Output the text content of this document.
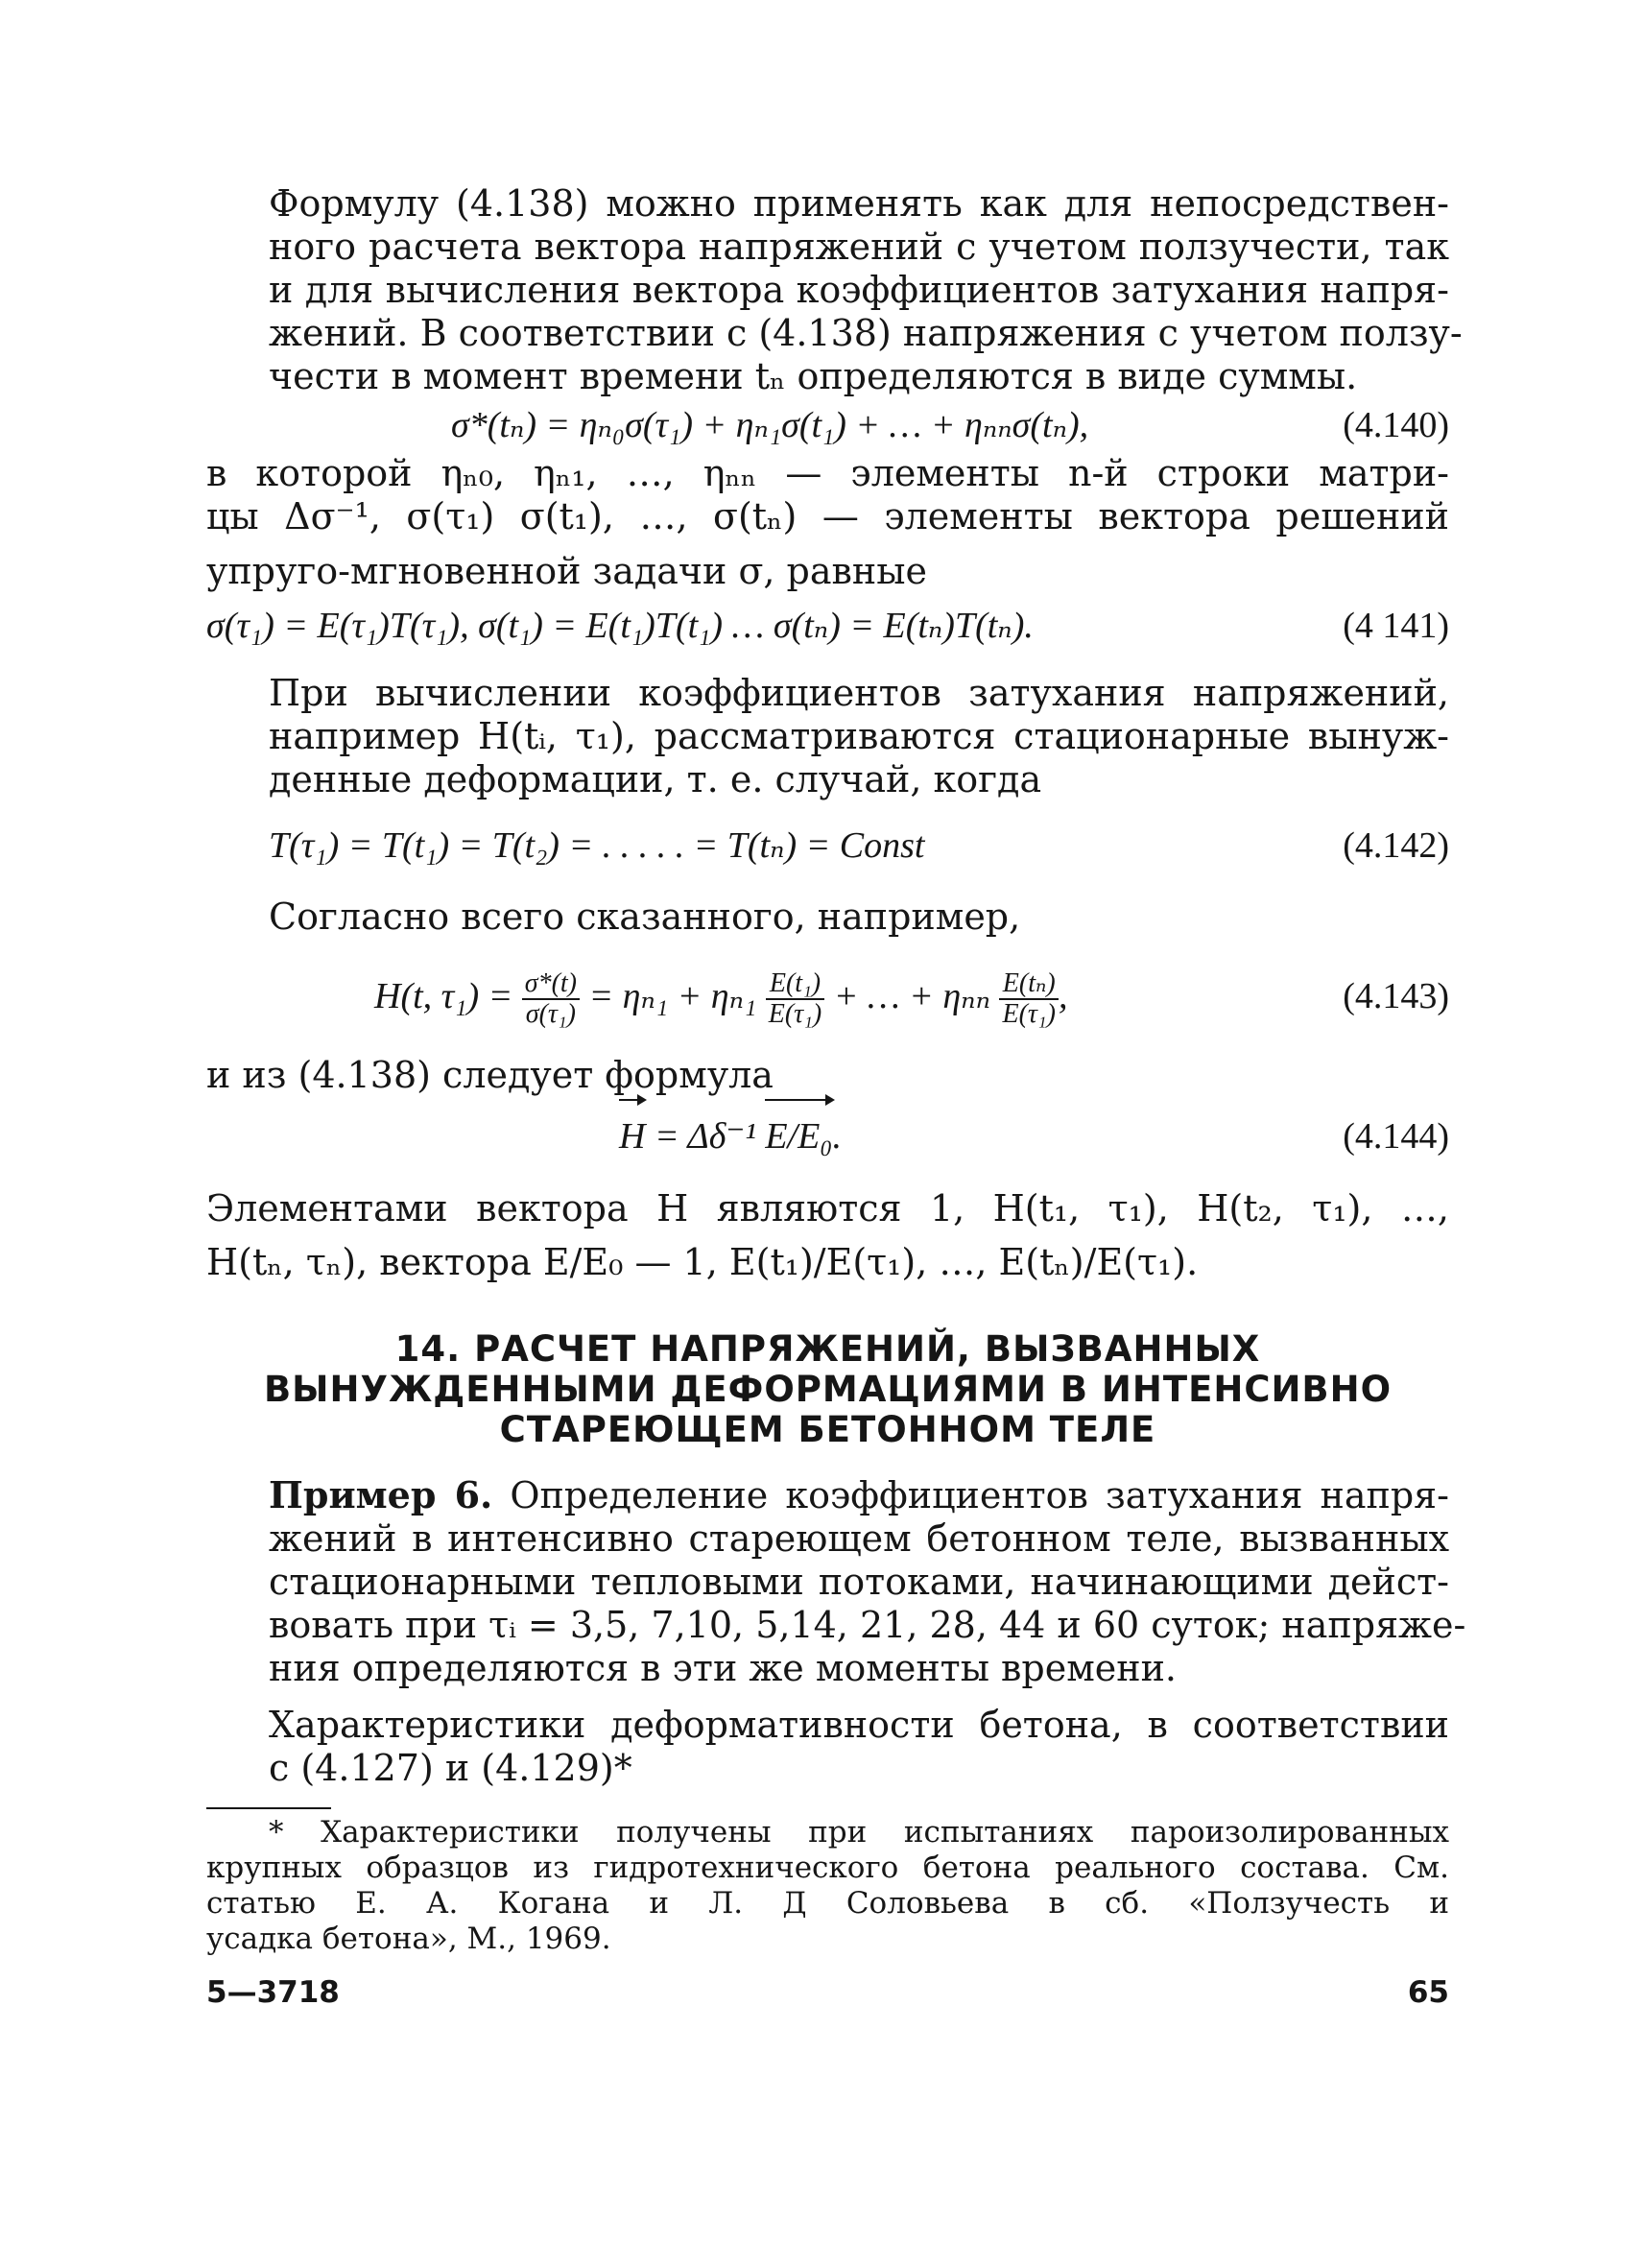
Формулу (4.138) можно применять как для непосредствен-
ного расчета вектора напряжений с учетом ползучести, так
и для вычисления вектора коэффициентов затухания напря-
жений. В соответствии с (4.138) напряжения с учетом ползу-
чести в момент времени tₙ определяются в виде суммы.

σ*(tₙ) = ηₙ₀σ(τ₁) + ηₙ₁σ(t₁) + … + ηₙₙσ(tₙ),	(4.140)

в которой ηₙ₀, ηₙ₁, …, ηₙₙ — элементы n-й строки матри-
цы Δσ⁻¹, σ(τ₁) σ(t₁), …, σ(tₙ) — элементы вектора решений
упруго-мгновенной задачи σ, равные

σ(τ₁) = E(τ₁)T(τ₁), σ(t₁) = E(t₁)T(t₁) … σ(tₙ) = E(tₙ)T(tₙ).	(4 141)

При вычислении коэффициентов затухания напряжений,
например H(tᵢ, τ₁), рассматриваются стационарные вынуж-
денные деформации, т. е. случай, когда

T(τ₁) = T(t₁) = T(t₂) = . . . . . = T(tₙ) = Const	(4.142)

Согласно всего сказанного, например,

H(t, $\tau_1) = \frac{\sigma*(t)}{\text{σ(τ₁)}} = \eta_{n1} + \eta_{n1} \frac{\text{E(t₁)}}{\text{E(τ₁)}}$ + … + ηₙₙ $\frac{\text{E(tₙ)}}{\text{E(τ₁)}}$ ,	(4.143)

и из (4.138) следует формула

H = Δδ⁻¹ E/E₀.	(4.144)

Элементами вектора H являются 1, H(t₁, τ₁), H(t₂, τ₁), …,
H(tₙ, τₙ), вектора E/E₀ — 1, E(t₁)/E(τ₁), …, E(tₙ)/E(τ₁).

14. РАСЧЕТ НАПРЯЖЕНИЙ, ВЫЗВАННЫХ

ВЫНУЖДЕННЫМИ ДЕФОРМАЦИЯМИ В ИНТЕНСИВНО

СТАРЕЮЩЕМ БЕТОННОМ ТЕЛЕ

Пример 6. Определение коэффициентов затухания напря-
жений в интенсивно стареющем бетонном теле, вызванных
стационарными тепловыми потоками, начинающими дейст-
вовать при τᵢ = 3,5, 7,10, 5,14, 21, 28, 44 и 60 суток; напряже-
ния определяются в эти же моменты времени.

Характеристики деформативности бетона, в соответствии
с (4.127) и (4.129)*

* Характеристики получены при испытаниях пароизолированных
крупных образцов из гидротехнического бетона реального состава. См.
статью Е. А. Когана и Л. Д Соловьева в сб. «Ползучесть и
усадка бетона», М., 1969.

5—3718	65
